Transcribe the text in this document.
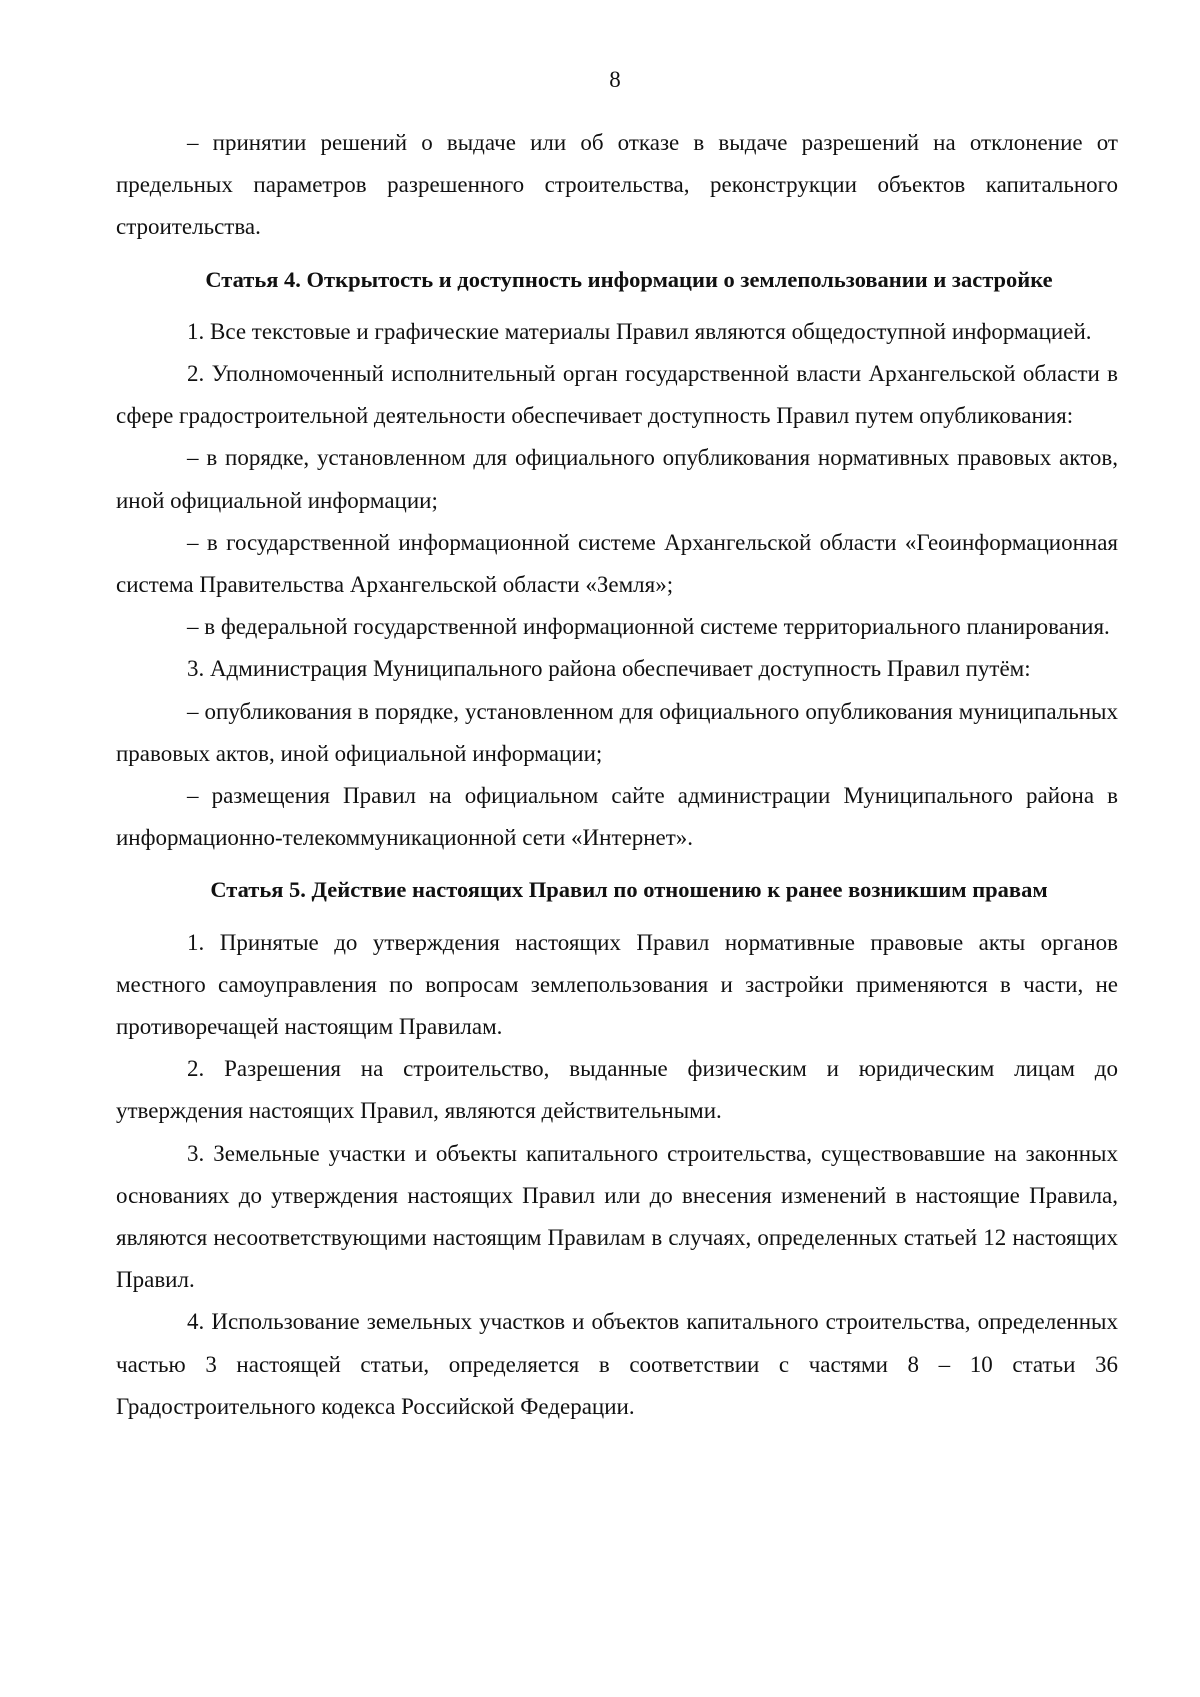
8

– принятии решений о выдаче или об отказе в выдаче разрешений на отклонение от предельных параметров разрешенного строительства, реконструкции объектов капитального строительства.

Статья 4. Открытость и доступность информации о землепользовании и застройке

1. Все текстовые и графические материалы Правил являются общедоступной информацией.

2. Уполномоченный исполнительный орган государственной власти Архангельской области в сфере градостроительной деятельности обеспечивает доступность Правил путем опубликования:

– в порядке, установленном для официального опубликования нормативных правовых актов, иной официальной информации;

– в государственной информационной системе Архангельской области «Геоинформационная система Правительства Архангельской области «Земля»;

– в федеральной государственной информационной системе территориального планирования.

3. Администрация Муниципального района обеспечивает доступность Правил путём:

– опубликования в порядке, установленном для официального опубликования муниципальных правовых актов, иной официальной информации;

– размещения Правил на официальном сайте администрации Муниципального района в информационно-телекоммуникационной сети «Интернет».

Статья 5. Действие настоящих Правил по отношению к ранее возникшим правам

1. Принятые до утверждения настоящих Правил нормативные правовые акты органов местного самоуправления по вопросам землепользования и застройки применяются в части, не противоречащей настоящим Правилам.

2. Разрешения на строительство, выданные физическим и юридическим лицам до утверждения настоящих Правил, являются действительными.

3. Земельные участки и объекты капитального строительства, существовавшие на законных основаниях до утверждения настоящих Правил или до внесения изменений в настоящие Правила, являются несоответствующими настоящим Правилам в случаях, определенных статьей 12 настоящих Правил.

4. Использование земельных участков и объектов капитального строительства, определенных частью 3 настоящей статьи, определяется в соответствии с частями 8 – 10 статьи 36 Градостроительного кодекса Российской Федерации.
